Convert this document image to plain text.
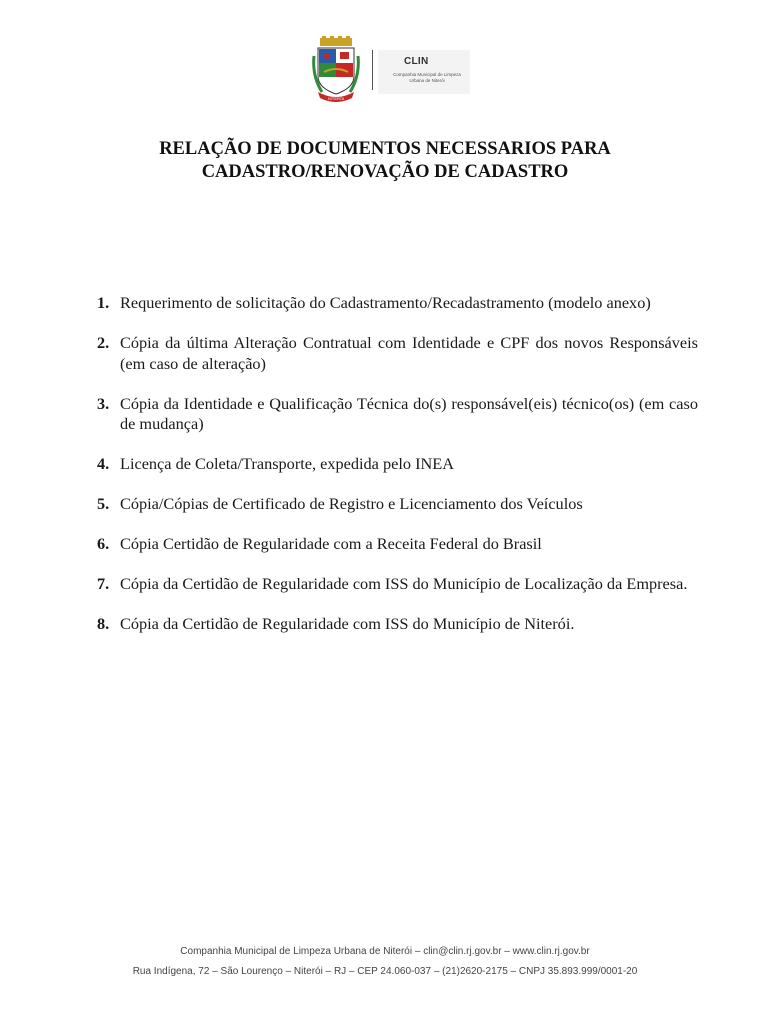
NITERÓI
CLIN
Companhia Municipal de Limpeza
Urbana de Niterói
RELAÇÃO DE DOCUMENTOS NECESSARIOS PARA
CADASTRO/RENOVAÇÃO DE CADASTRO
1. Requerimento de solicitação do Cadastramento/Recadastramento (modelo anexo)
2. Cópia da última Alteração Contratual com Identidade e CPF dos novos Responsáveis (em caso de alteração)
3. Cópia da Identidade e Qualificação Técnica do(s) responsável(eis) técnico(os) (em caso de mudança)
4. Licença de Coleta/Transporte, expedida pelo INEA
5. Cópia/Cópias de Certificado de Registro e Licenciamento dos Veículos
6. Cópia Certidão de Regularidade com a Receita Federal do Brasil
7. Cópia da Certidão de Regularidade com ISS do Município de Localização da Empresa.
8. Cópia da Certidão de Regularidade com ISS do Município de Niterói.
Companhia Municipal de Limpeza Urbana de Niterói – clin@clin.rj.gov.br – www.clin.rj.gov.br
Rua Indígena, 72 – São Lourenço – Niterói – RJ – CEP 24.060-037 – (21)2620-2175 – CNPJ 35.893.999/0001-20
